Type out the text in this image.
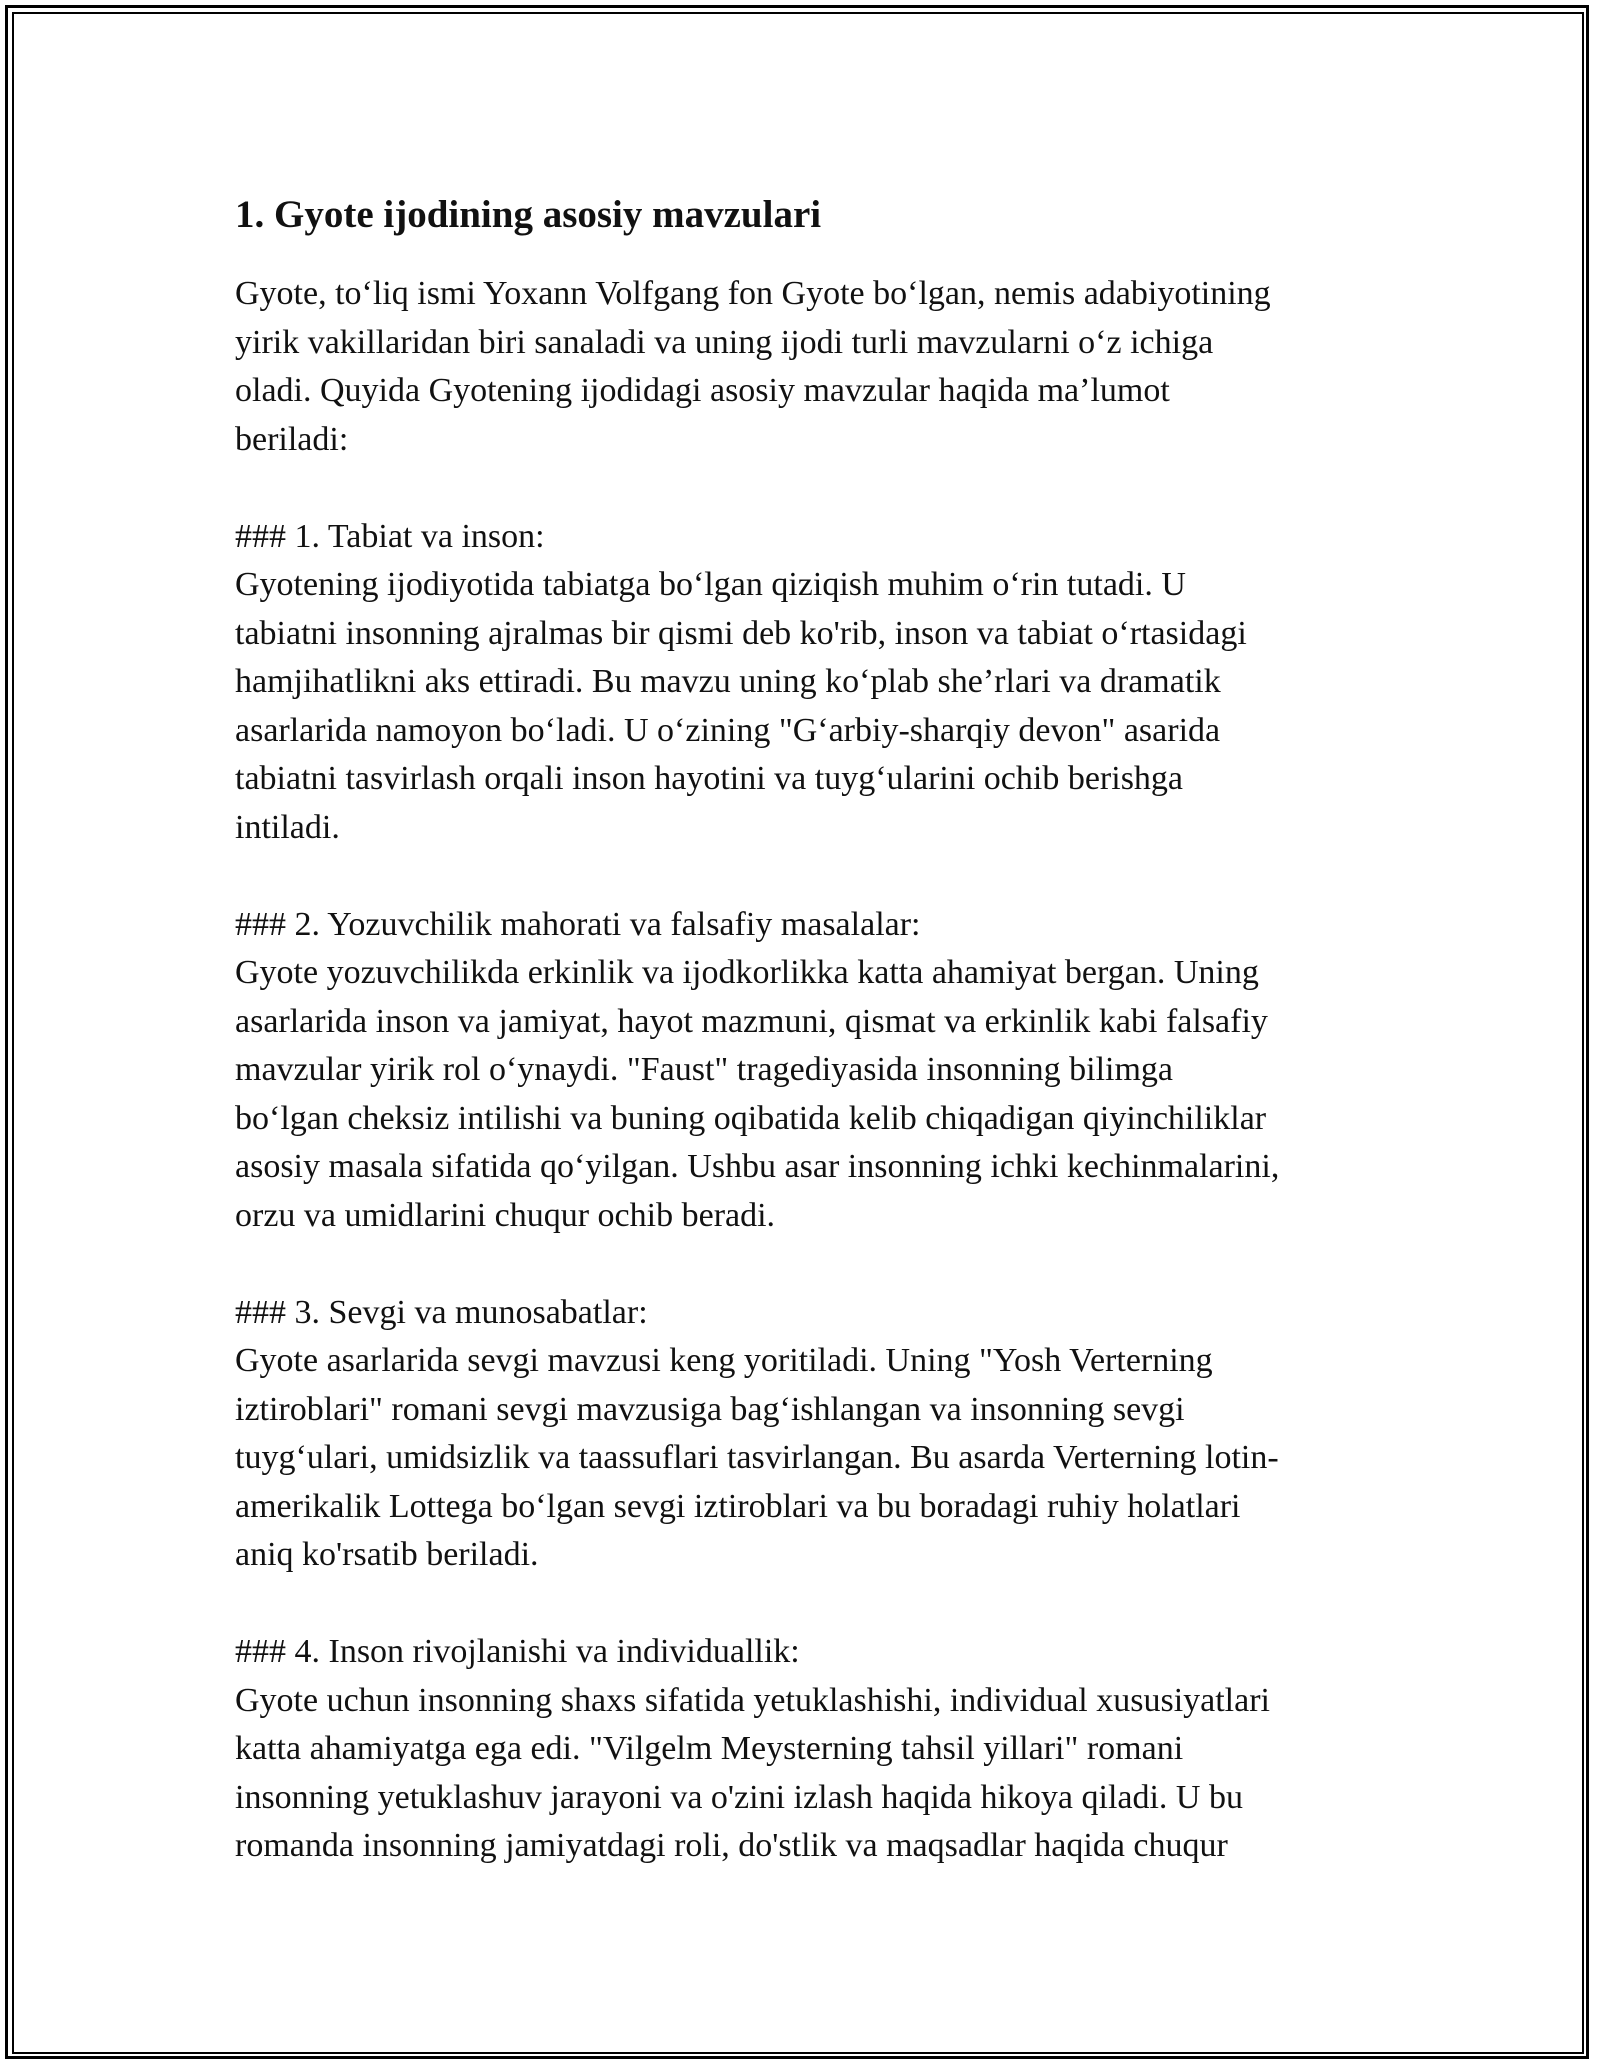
1. Gyote ijodining asosiy mavzulari

Gyote, to‘liq ismi Yoxann Volfgang fon Gyote bo‘lgan, nemis adabiyotining
yirik vakillaridan biri sanaladi va uning ijodi turli mavzularni o‘z ichiga
oladi. Quyida Gyotening ijodidagi asosiy mavzular haqida ma’lumot
beriladi:

### 1. Tabiat va inson:

Gyotening ijodiyotida tabiatga bo‘lgan qiziqish muhim o‘rin tutadi. U
tabiatni insonning ajralmas bir qismi deb ko'rib, inson va tabiat o‘rtasidagi
hamjihatlikni aks ettiradi. Bu mavzu uning ko‘plab she’rlari va dramatik
asarlarida namoyon bo‘ladi. U o‘zining "G‘arbiy-sharqiy devon" asarida
tabiatni tasvirlash orqali inson hayotini va tuyg‘ularini ochib berishga
intiladi.

### 2. Yozuvchilik mahorati va falsafiy masalalar:

Gyote yozuvchilikda erkinlik va ijodkorlikka katta ahamiyat bergan. Uning
asarlarida inson va jamiyat, hayot mazmuni, qismat va erkinlik kabi falsafiy
mavzular yirik rol o‘ynaydi. "Faust" tragediyasida insonning bilimga
bo‘lgan cheksiz intilishi va buning oqibatida kelib chiqadigan qiyinchiliklar
asosiy masala sifatida qo‘yilgan. Ushbu asar insonning ichki kechinmalarini,
orzu va umidlarini chuqur ochib beradi.

### 3. Sevgi va munosabatlar:

Gyote asarlarida sevgi mavzusi keng yoritiladi. Uning "Yosh Verterning
iztiroblari" romani sevgi mavzusiga bag‘ishlangan va insonning sevgi
tuyg‘ulari, umidsizlik va taassuflari tasvirlangan. Bu asarda Verterning lotin-
amerikalik Lottega bo‘lgan sevgi iztiroblari va bu boradagi ruhiy holatlari
aniq ko'rsatib beriladi.

### 4. Inson rivojlanishi va individuallik:

Gyote uchun insonning shaxs sifatida yetuklashishi, individual xususiyatlari
katta ahamiyatga ega edi. "Vilgelm Meysterning tahsil yillari" romani
insonning yetuklashuv jarayoni va o'zini izlash haqida hikoya qiladi. U bu
romanda insonning jamiyatdagi roli, do'stlik va maqsadlar haqida chuqur
